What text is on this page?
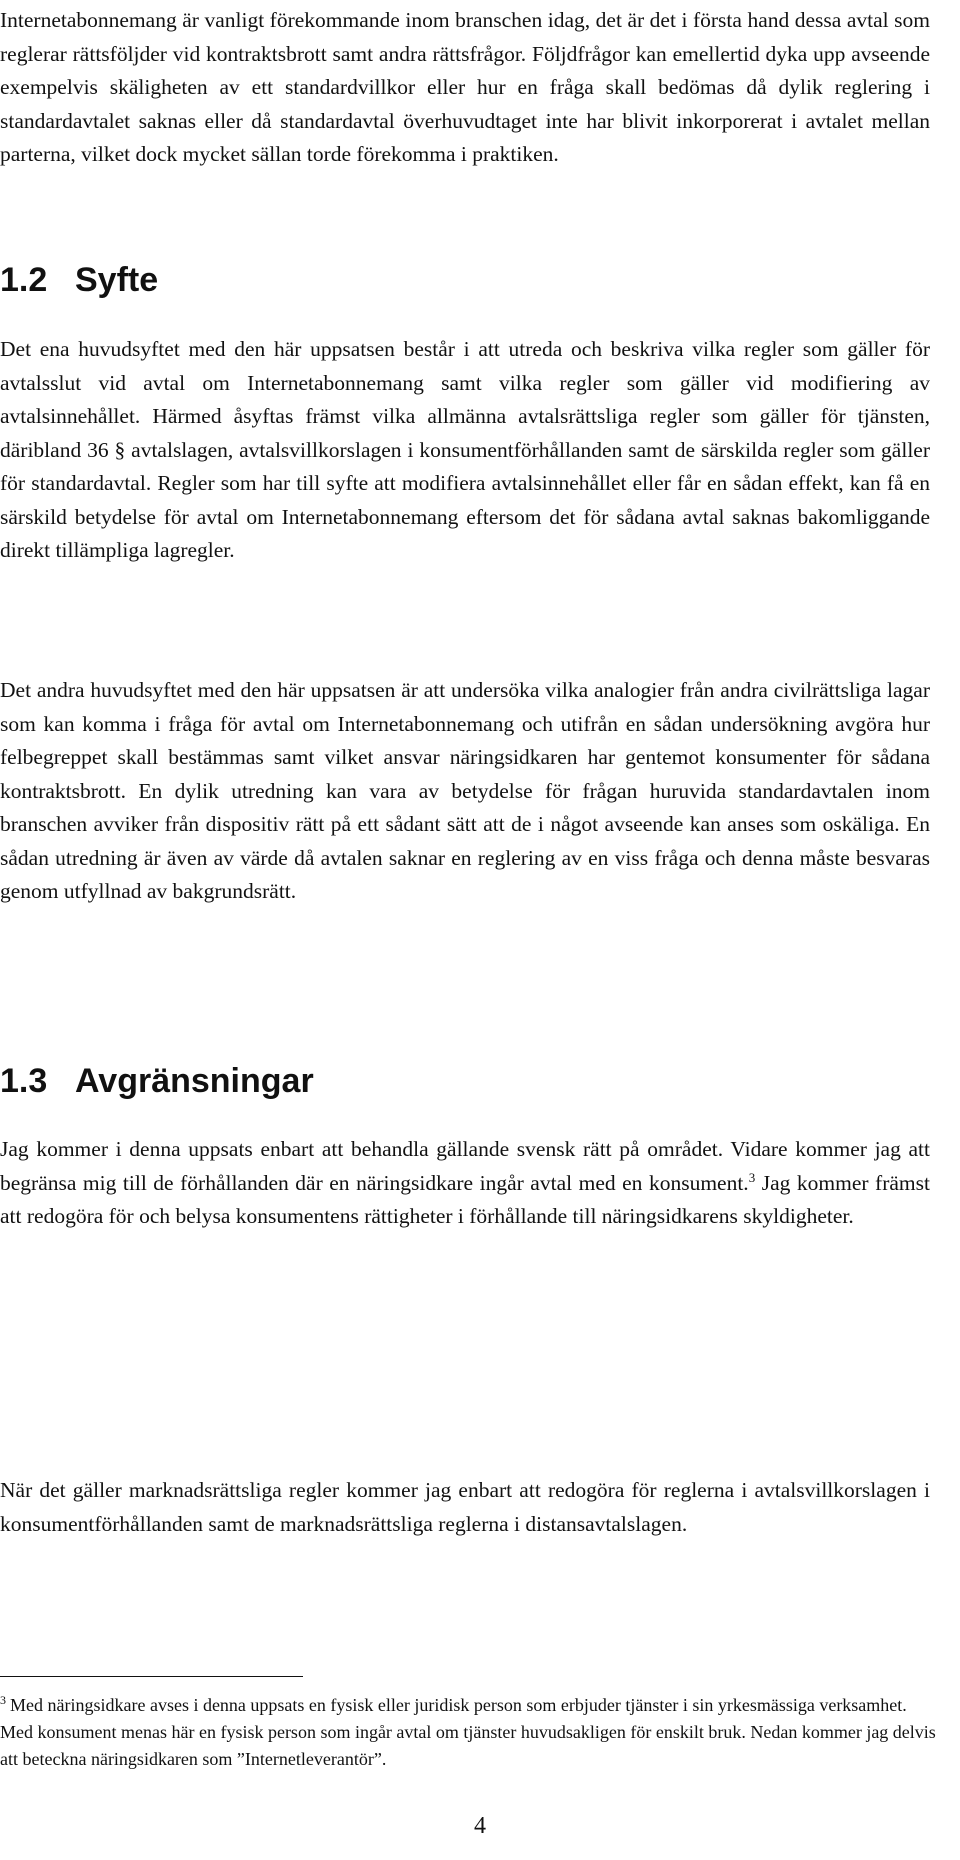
Internetabonnemang är vanligt förekommande inom branschen idag, det är det i första hand dessa avtal som reglerar rättsföljder vid kontraktsbrott samt andra rättsfrågor. Följdfrågor kan emellertid dyka upp avseende exempelvis skäligheten av ett standardvillkor eller hur en fråga skall bedömas då dylik reglering i standardavtalet saknas eller då standardavtal överhuvudtaget inte har blivit inkorporerat i avtalet mellan parterna, vilket dock mycket sällan torde förekomma i praktiken.

1.2 Syfte

Det ena huvudsyftet med den här uppsatsen består i att utreda och beskriva vilka regler som gäller för avtalsslut vid avtal om Internetabonnemang samt vilka regler som gäller vid modifiering av avtalsinnehållet. Härmed åsyftas främst vilka allmänna avtalsrättsliga regler som gäller för tjänsten, däribland 36 § avtalslagen, avtalsvillkorslagen i konsumentförhållanden samt de särskilda regler som gäller för standardavtal. Regler som har till syfte att modifiera avtalsinnehållet eller får en sådan effekt, kan få en särskild betydelse för avtal om Internetabonnemang eftersom det för sådana avtal saknas bakomliggande direkt tillämpliga lagregler.

Det andra huvudsyftet med den här uppsatsen är att undersöka vilka analogier från andra civilrättsliga lagar som kan komma i fråga för avtal om Internetabonnemang och utifrån en sådan undersökning avgöra hur felbegreppet skall bestämmas samt vilket ansvar näringsidkaren har gentemot konsumenter för sådana kontraktsbrott. En dylik utredning kan vara av betydelse för frågan huruvida standardavtalen inom branschen avviker från dispositiv rätt på ett sådant sätt att de i något avseende kan anses som oskäliga. En sådan utredning är även av värde då avtalen saknar en reglering av en viss fråga och denna måste besvaras genom utfyllnad av bakgrundsrätt.

1.3 Avgränsningar

Jag kommer i denna uppsats enbart att behandla gällande svensk rätt på området. Vidare kommer jag att begränsa mig till de förhållanden där en näringsidkare ingår avtal med en konsument.$^3$ Jag kommer främst att redogöra för och belysa konsumentens rättigheter i förhållande till näringsidkarens skyldigheter.

När det gäller marknadsrättsliga regler kommer jag enbart att redogöra för reglerna i avtalsvillkorslagen i konsumentförhållanden samt de marknadsrättsliga reglerna i distansavtalslagen.

$^3$ Med näringsidkare avses i denna uppsats en fysisk eller juridisk person som erbjuder tjänster i sin yrkesmässiga verksamhet. Med konsument menas här en fysisk person som ingår avtal om tjänster huvudsakligen för enskilt bruk. Nedan kommer jag delvis att beteckna näringsidkaren som ”Internetleverantör”.

4
